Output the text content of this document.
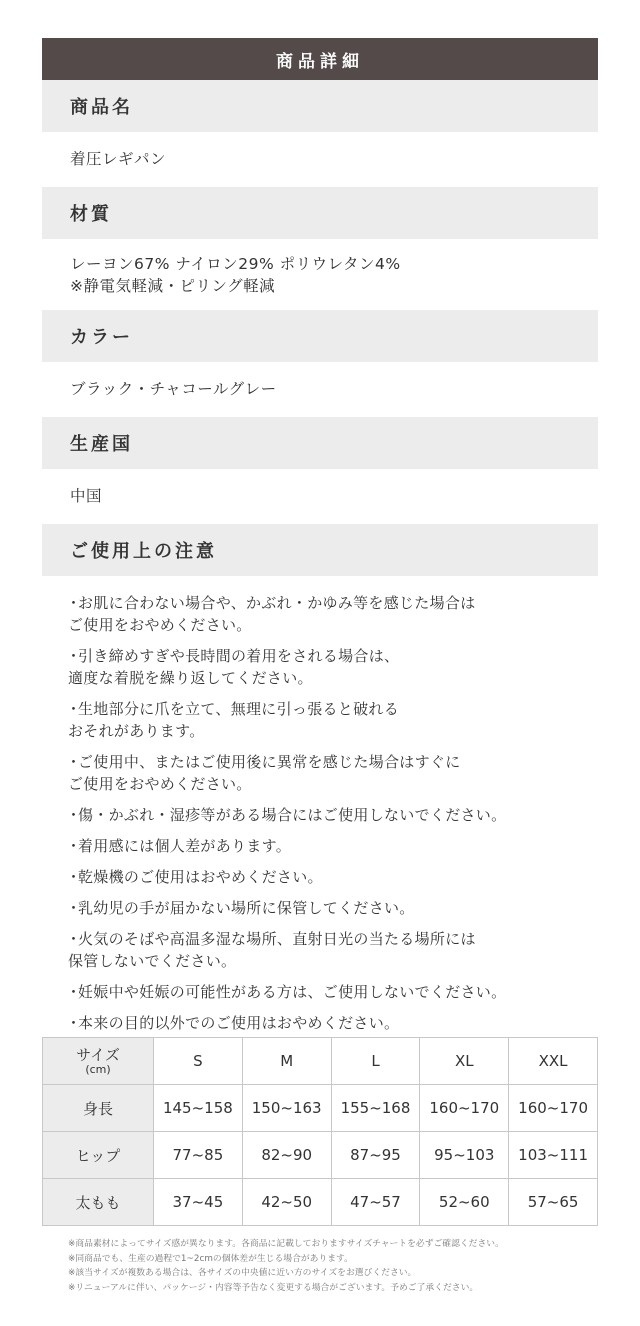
商品詳細
商品名
着圧レギパン
材質
レーヨン67% ナイロン29% ポリウレタン4%
※静電気軽減・ピリング軽減
カラー
ブラック・チャコールグレー
生産国
中国
ご使用上の注意
・ お肌に合わない場合や、かぶれ・かゆみ等を感じた場合は
ご使用をおやめください。
・ 引き締めすぎや長時間の着用をされる場合は、
適度な着脱を繰り返してください。
・ 生地部分に爪を立て、無理に引っ張ると破れる
おそれがあります。
・ ご使用中、またはご使用後に異常を感じた場合はすぐに
ご使用をおやめください。
・ 傷・かぶれ・湿疹等がある場合にはご使用しないでください。
・ 着用感には個人差があります。
・ 乾燥機のご使用はおやめください。
・ 乳幼児の手が届かない場所に保管してください。
・ 火気のそばや高温多湿な場所、直射日光の当たる場所には
保管しないでください。
・ 妊娠中や妊娠の可能性がある方は、ご使用しないでください。
・ 本来の目的以外でのご使用はおやめください。
サイズ
(cm)	S	M	L	XL	XXL
身長	145~158	150~163	155~168	160~170	160~170
ヒップ	77~85	82~90	87~95	95~103	103~111
太もも	37~45	42~50	47~57	52~60	57~65
※商品素材によってサイズ感が異なります。各商品に記載しておりますサイズチャートを必ずご確認ください。
※同商品でも、生産の過程で1~2cmの個体差が生じる場合があります。
※該当サイズが複数ある場合は、各サイズの中央値に近い方のサイズをお選びください。
※リニューアルに伴い、パッケージ・内容等予告なく変更する場合がございます。予めご了承ください。
